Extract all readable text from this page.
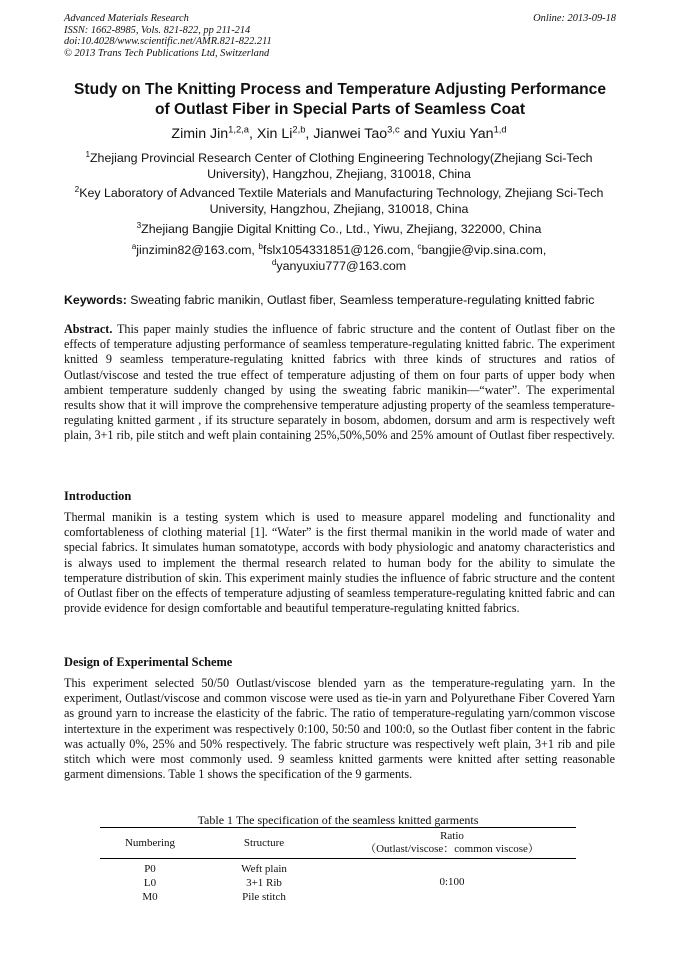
Advanced Materials Research
ISSN: 1662-8985, Vols. 821-822, pp 211-214
doi:10.4028/www.scientific.net/AMR.821-822.211
© 2013 Trans Tech Publications Ltd, Switzerland
Online: 2013-09-18
Study on The Knitting Process and Temperature Adjusting Performance
of Outlast Fiber in Special Parts of Seamless Coat
Zimin Jin$^{1,2,a}$, Xin Li$^{2,b}$, Jianwei Tao$^{3,c}$ and Yuxiu Yan$^{1,d}$
$^1$Zhejiang Provincial Research Center of Clothing Engineering Technology(Zhejiang Sci-Tech University), Hangzhou, Zhejiang, 310018, China
$^2$Key Laboratory of Advanced Textile Materials and Manufacturing Technology, Zhejiang Sci-Tech University, Hangzhou, Zhejiang, 310018, China
$^3$Zhejiang Bangjie Digital Knitting Co., Ltd., Yiwu, Zhejiang, 322000, China
$^a$jinzimin82@163.com, $^b$fslx1054331851@126.com, $^c$bangjie@vip.sina.com,
$^d$yanyuxiu777@163.com
Keywords: Sweating fabric manikin, Outlast fiber, Seamless temperature-regulating knitted fabric
Abstract. This paper mainly studies the influence of fabric structure and the content of Outlast fiber on the effects of temperature adjusting performance of seamless temperature-regulating knitted fabric. The experiment knitted 9 seamless temperature-regulating knitted fabrics with three kinds of structures and ratios of Outlast/viscose and tested the true effect of temperature adjusting of them on four parts of upper body when ambient temperature suddenly changed by using the sweating fabric manikin—“water”. The experimental results show that it will improve the comprehensive temperature adjusting property of the seamless temperature-regulating knitted garment , if its structure separately in bosom, abdomen, dorsum and arm is respectively weft plain, 3+1 rib, pile stitch and weft plain containing 25%,50%,50% and 25% amount of Outlast fiber respectively.
Introduction
Thermal manikin is a testing system which is used to measure apparel modeling and functionality and comfortableness of clothing material [1]. “Water” is the first thermal manikin in the world made of water and special fabrics. It simulates human somatotype, accords with body physiologic and anatomy characteristics and is always used to implement the thermal research related to human body for the ability to simulate the temperature distribution of skin. This experiment mainly studies the influence of fabric structure and the content of Outlast fiber on the effects of temperature adjusting of seamless temperature-regulating knitted fabric and can provide evidence for design comfortable and beautiful temperature-regulating knitted fabrics.
Design of Experimental Scheme
This experiment selected 50/50 Outlast/viscose blended yarn as the temperature-regulating yarn. In the experiment, Outlast/viscose and common viscose were used as tie-in yarn and Polyurethane Fiber Covered Yarn as ground yarn to increase the elasticity of the fabric. The ratio of temperature-regulating yarn/common viscose intertexture in the experiment was respectively 0:100, 50:50 and 100:0, so the Outlast fiber content in the fabric was actually 0%, 25% and 50% respectively. The fabric structure was respectively weft plain, 3+1 rib and pile stitch which were most commonly used. 9 seamless knitted garments were knitted after setting reasonable garment dimensions. Table 1 shows the specification of the 9 garments.
Table 1 The specification of the seamless knitted garments
Numbering	Structure	Ratio
（Outlast/viscose：common viscose）

P0	Weft plain	0:100
L0	3+1 Rib	
M0	Pile stitch	
